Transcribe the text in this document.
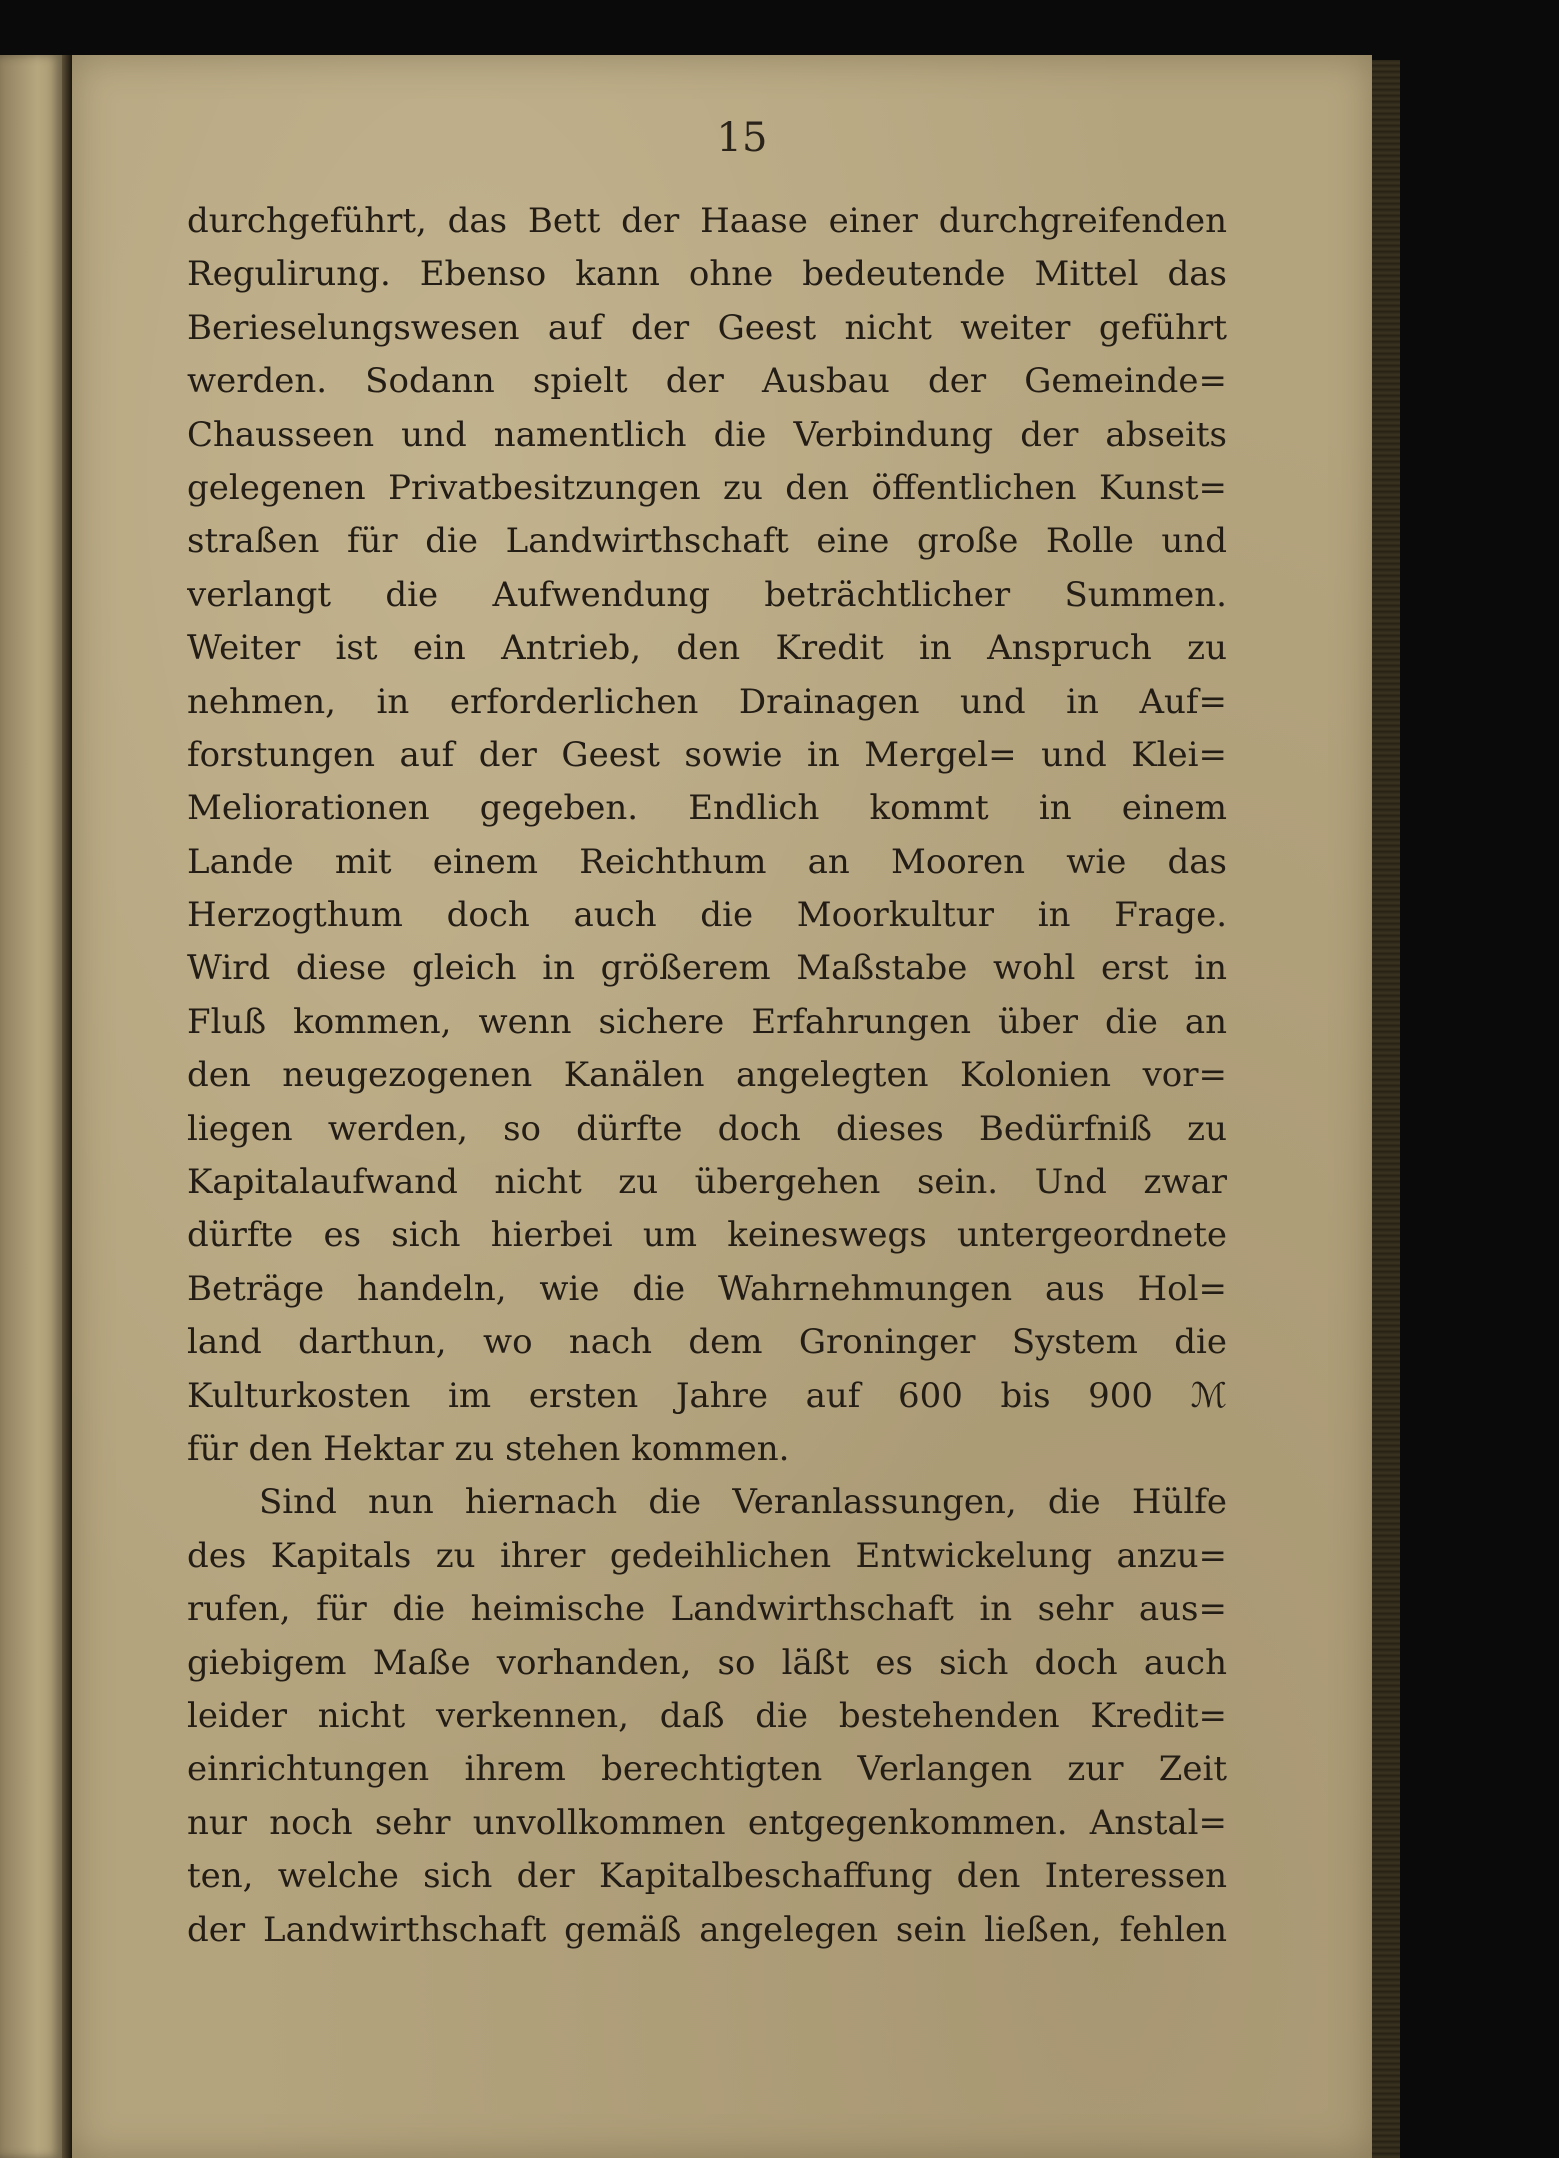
15
durchgeführt, das Bett der Haase einer durchgreifenden
Regulirung. Ebenso kann ohne bedeutende Mittel das
Berieselungswesen auf der Geest nicht weiter geführt
werden. Sodann spielt der Ausbau der Gemeinde=
Chausseen und namentlich die Verbindung der abseits
gelegenen Privatbesitzungen zu den öffentlichen Kunst=
straßen für die Landwirthschaft eine große Rolle und
verlangt die Aufwendung beträchtlicher Summen.
Weiter ist ein Antrieb, den Kredit in Anspruch zu
nehmen, in erforderlichen Drainagen und in Auf=
forstungen auf der Geest sowie in Mergel= und Klei=
Meliorationen gegeben. Endlich kommt in einem
Lande mit einem Reichthum an Mooren wie das
Herzogthum doch auch die Moorkultur in Frage.
Wird diese gleich in größerem Maßstabe wohl erst in
Fluß kommen, wenn sichere Erfahrungen über die an
den neugezogenen Kanälen angelegten Kolonien vor=
liegen werden, so dürfte doch dieses Bedürfniß zu
Kapitalaufwand nicht zu übergehen sein. Und zwar
dürfte es sich hierbei um keineswegs untergeordnete
Beträge handeln, wie die Wahrnehmungen aus Hol=
land darthun, wo nach dem Groninger System die
Kulturkosten im ersten Jahre auf 600 bis 900 ℳ
für den Hektar zu stehen kommen.
Sind nun hiernach die Veranlassungen, die Hülfe
des Kapitals zu ihrer gedeihlichen Entwickelung anzu=
rufen, für die heimische Landwirthschaft in sehr aus=
giebigem Maße vorhanden, so läßt es sich doch auch
leider nicht verkennen, daß die bestehenden Kredit=
einrichtungen ihrem berechtigten Verlangen zur Zeit
nur noch sehr unvollkommen entgegenkommen. Anstal=
ten, welche sich der Kapitalbeschaffung den Interessen
der Landwirthschaft gemäß angelegen sein ließen, fehlen
